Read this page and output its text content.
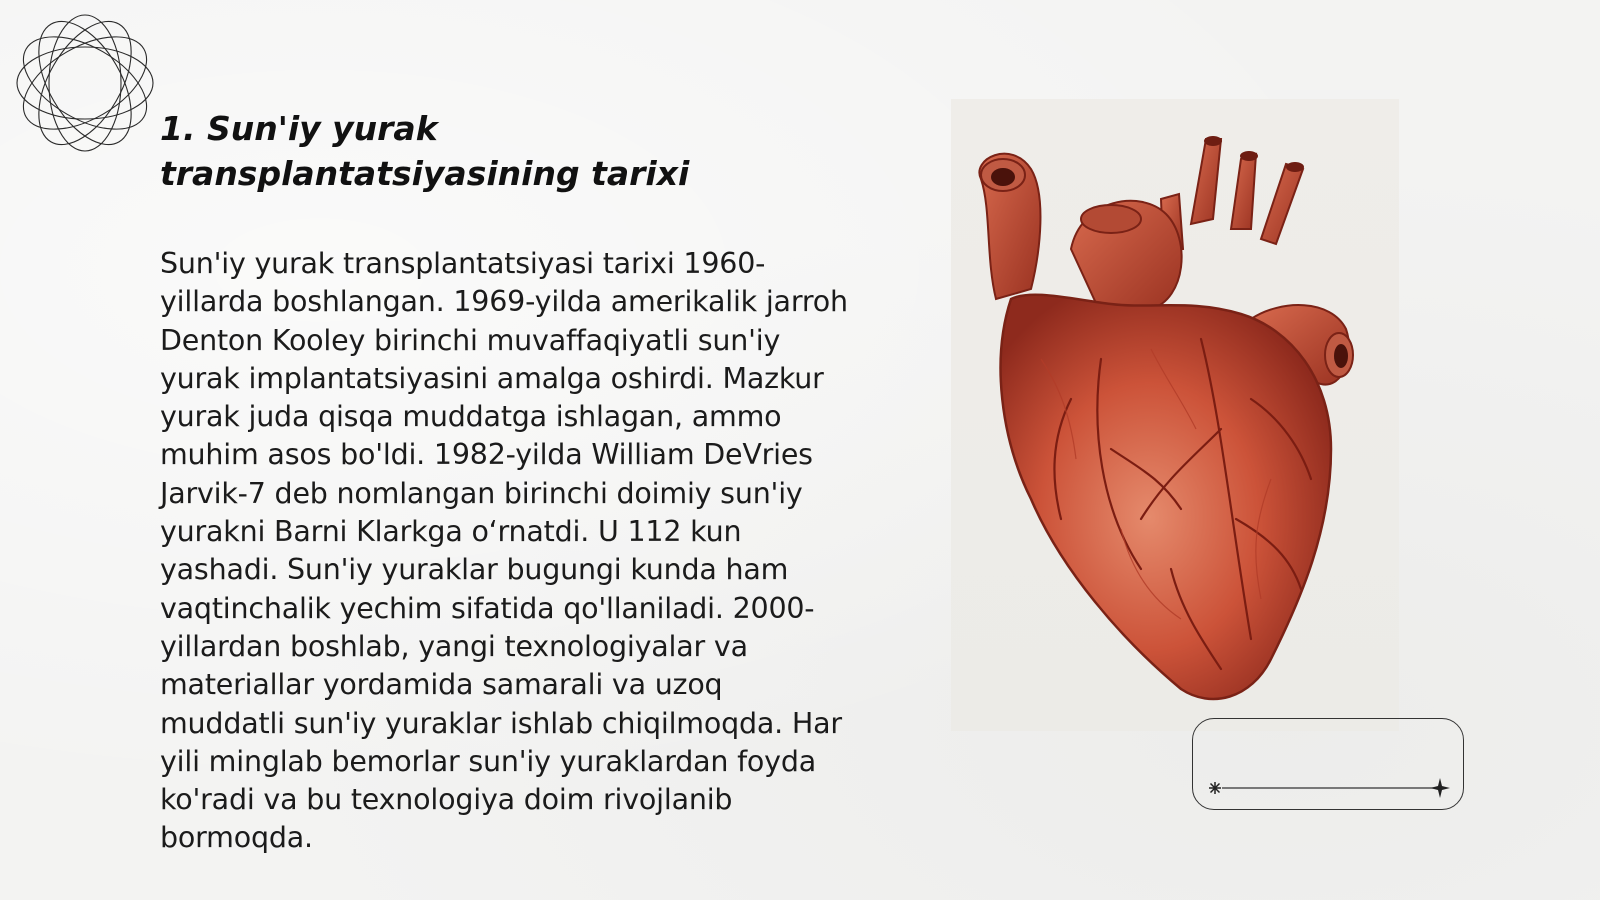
1. Sun'iy yurak transplantatsiyasining tarixi

Sun'iy yurak transplantatsiyasi tarixi 1960-yillarda boshlangan. 1969-yilda amerikalik jarroh Denton Kooley birinchi muvaffaqiyatli sun'iy yurak implantatsiyasini amalga oshirdi. Mazkur yurak juda qisqa muddatga ishlagan, ammo muhim asos bo'ldi. 1982-yilda William DeVries Jarvik-7 deb nomlangan birinchi doimiy sun'iy yurakni Barni Klarkga o‘rnatdi. U 112 kun yashadi. Sun'iy yuraklar bugungi kunda ham vaqtinchalik yechim sifatida qo'llaniladi. 2000-yillardan boshlab, yangi texnologiyalar va materiallar yordamida samarali va uzoq muddatli sun'iy yuraklar ishlab chiqilmoqda. Har yili minglab bemorlar sun'iy yuraklardan foyda ko'radi va bu texnologiya doim rivojlanib bormoqda.
